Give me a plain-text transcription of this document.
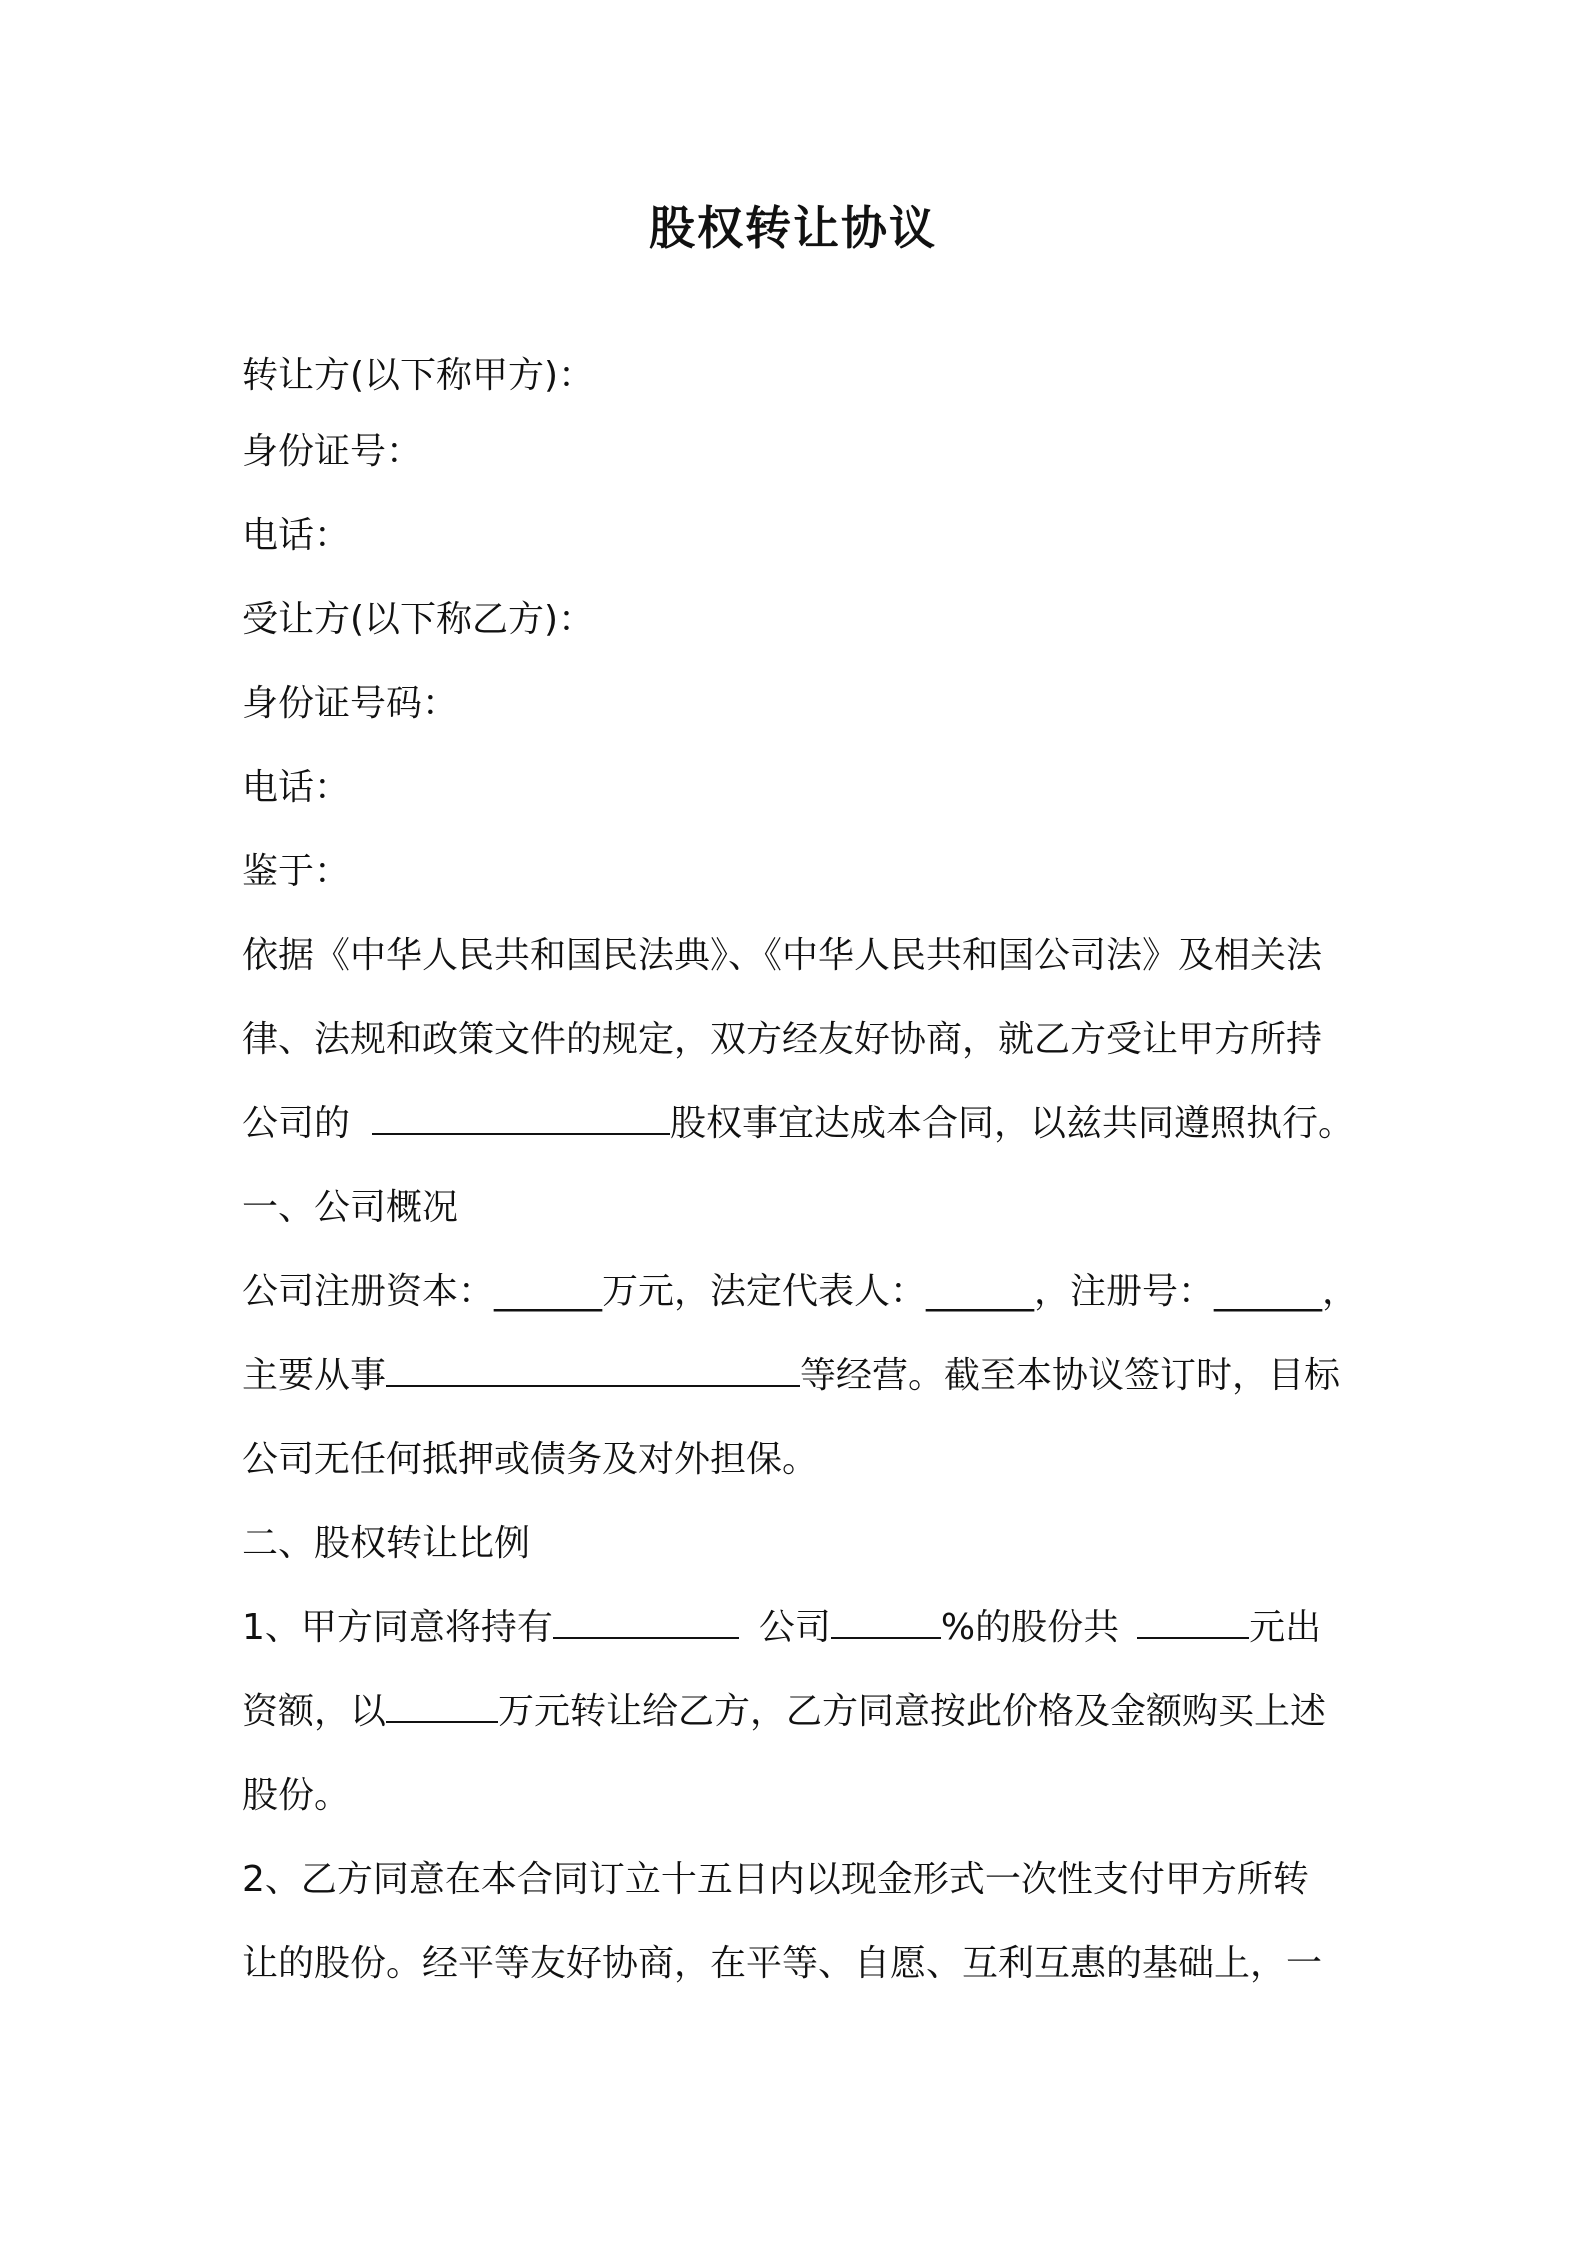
股权转让协议
转让方(以下称甲方)：
身份证号：
电话：
受让方(以下称乙方)：
身份证号码：
电话：
鉴于：
依据《中华人民共和国民法典》、《中华人民共和国公司法》及相关法
律、法规和政策文件的规定，双方经友好协商，就乙方受让甲方所持
公司的	股权事宜达成本合同，以兹共同遵照执行。
一、公司概况
公司注册资本：______万元，法定代表人：______，注册号：______，
主要从事	等经营。截至本协议签订时，目标
公司无任何抵押或债务及对外担保。
二、股权转让比例
1、甲方同意将持有	公司	%的股份共	元出
资额，以	万元转让给乙方，乙方同意按此价格及金额购买上述
股份。
2、乙方同意在本合同订立十五日内以现金形式一次性支付甲方所转
让的股份。经平等友好协商，在平等、自愿、互利互惠的基础上，一
